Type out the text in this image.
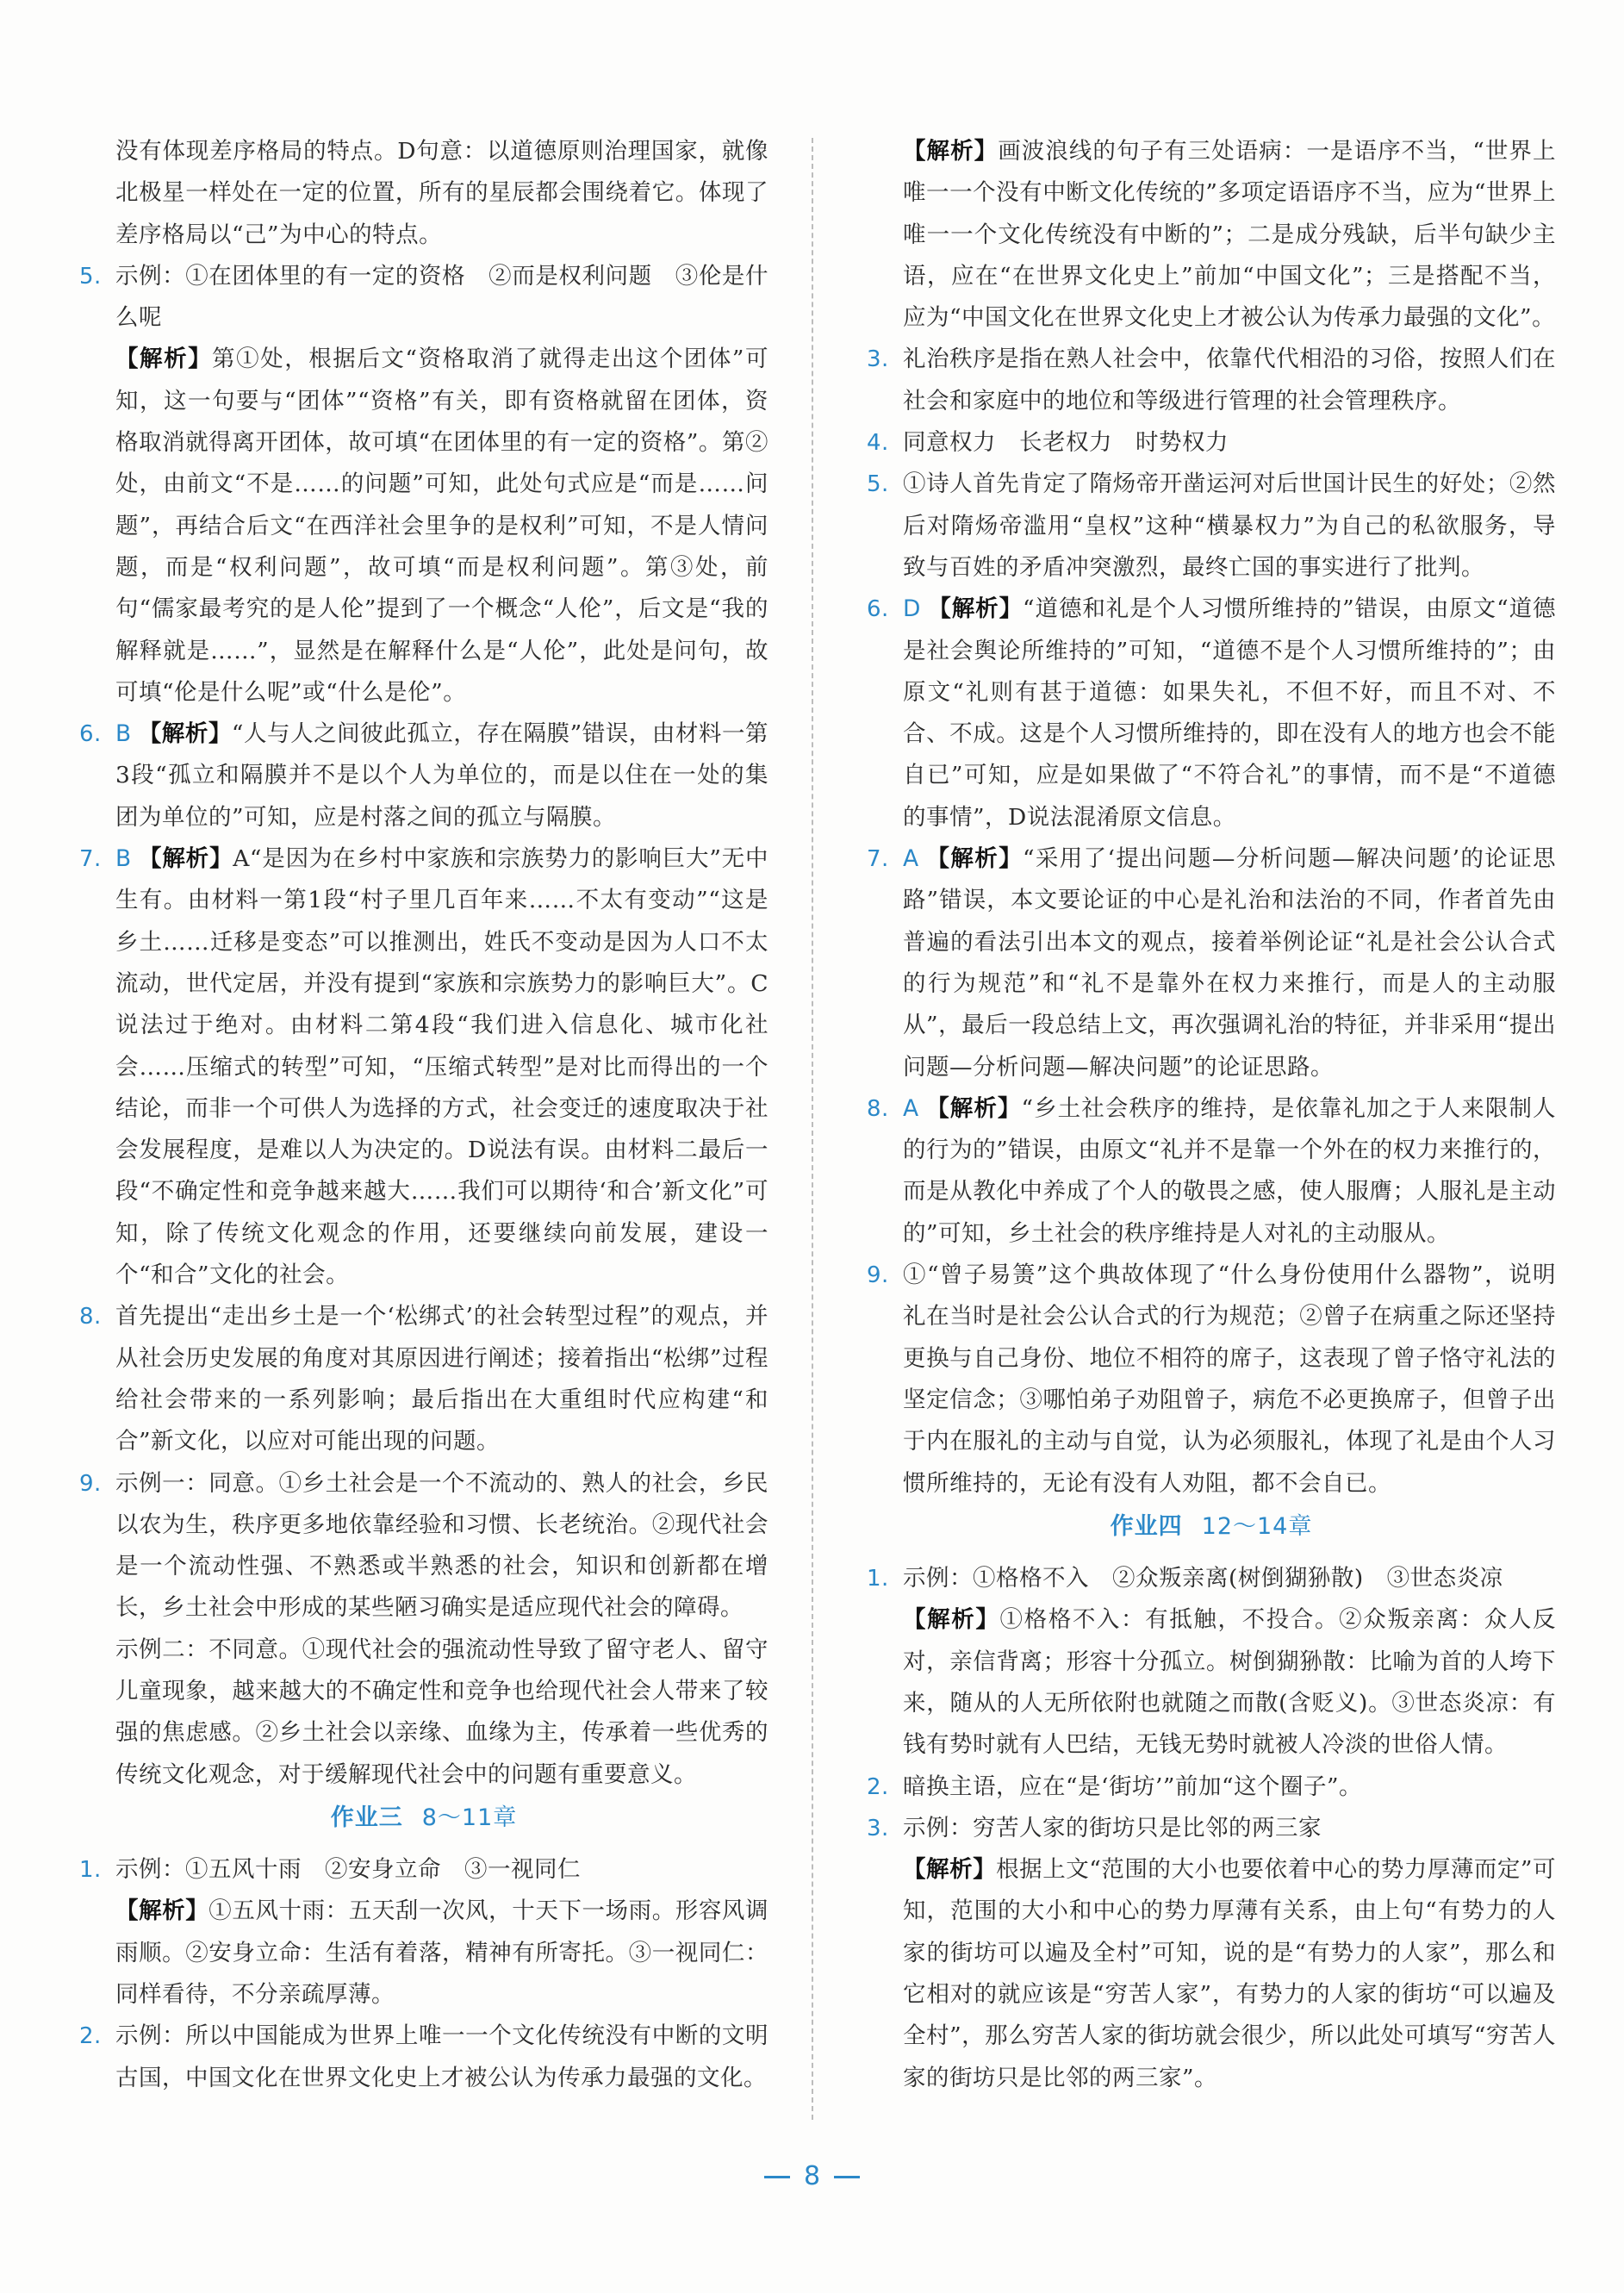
没有体现差序格局的特点。D句意：以道德原则治理国家，就像北极星一样处在一定的位置，所有的星辰都会围绕着它。体现了差序格局以“己”为中心的特点。

5. 示例：①在团体里的有一定的资格　②而是权利问题　③伦是什么呢
【解析】第①处，根据后文“资格取消了就得走出这个团体”可知，这一句要与“团体”“资格”有关，即有资格就留在团体，资格取消就得离开团体，故可填“在团体里的有一定的资格”。第②处，由前文“不是……的问题”可知，此处句式应是“而是……问题”，再结合后文“在西洋社会里争的是权利”可知，不是人情问题，而是“权利问题”，故可填“而是权利问题”。第③处，前句“儒家最考究的是人伦”提到了一个概念“人伦”，后文是“我的解释就是……”，显然是在解释什么是“人伦”，此处是问句，故可填“伦是什么呢”或“什么是伦”。
6. B 【解析】“人与人之间彼此孤立，存在隔膜”错误，由材料一第3段“孤立和隔膜并不是以个人为单位的，而是以住在一处的集团为单位的”可知，应是村落之间的孤立与隔膜。
7. B 【解析】A“是因为在乡村中家族和宗族势力的影响巨大”无中生有。由材料一第1段“村子里几百年来……不太有变动”“这是乡土……迁移是变态”可以推测出，姓氏不变动是因为人口不太流动，世代定居，并没有提到“家族和宗族势力的影响巨大”。C说法过于绝对。由材料二第4段“我们进入信息化、城市化社会……压缩式的转型”可知，“压缩式转型”是对比而得出的一个结论，而非一个可供人为选择的方式，社会变迁的速度取决于社会发展程度，是难以人为决定的。D说法有误。由材料二最后一段“不确定性和竞争越来越大……我们可以期待‘和合’新文化”可知，除了传统文化观念的作用，还要继续向前发展，建设一个“和合”文化的社会。
8. 首先提出“走出乡土是一个‘松绑式’的社会转型过程”的观点，并从社会历史发展的角度对其原因进行阐述；接着指出“松绑”过程给社会带来的一系列影响；最后指出在大重组时代应构建“和合”新文化，以应对可能出现的问题。
9. 示例一：同意。①乡土社会是一个不流动的、熟人的社会，乡民以农为生，秩序更多地依靠经验和习惯、长老统治。②现代社会是一个流动性强、不熟悉或半熟悉的社会，知识和创新都在增长，乡土社会中形成的某些陋习确实是适应现代社会的障碍。

示例二：不同意。①现代社会的强流动性导致了留守老人、留守儿童现象，越来越大的不确定性和竞争也给现代社会人带来了较强的焦虑感。②乡土社会以亲缘、血缘为主，传承着一些优秀的传统文化观念，对于缓解现代社会中的问题有重要意义。

作业三 8～11章
1. 示例：①五风十雨　②安身立命　③一视同仁
【解析】①五风十雨：五天刮一次风，十天下一场雨。形容风调雨顺。②安身立命：生活有着落，精神有所寄托。③一视同仁：同样看待，不分亲疏厚薄。
2. 示例：所以中国能成为世界上唯一一个文化传统没有中断的文明古国，中国文化在世界文化史上才被公认为传承力最强的文化。
【解析】画波浪线的句子有三处语病：一是语序不当，“世界上唯一一个没有中断文化传统的”多项定语语序不当，应为“世界上唯一一个文化传统没有中断的”；二是成分残缺，后半句缺少主语，应在“在世界文化史上”前加“中国文化”；三是搭配不当，应为“中国文化在世界文化史上才被公认为传承力最强的文化”。
3. 礼治秩序是指在熟人社会中，依靠代代相沿的习俗，按照人们在社会和家庭中的地位和等级进行管理的社会管理秩序。
4. 同意权力　长老权力　时势权力
5. ①诗人首先肯定了隋炀帝开凿运河对后世国计民生的好处；②然后对隋炀帝滥用“皇权”这种“横暴权力”为自己的私欲服务，导致与百姓的矛盾冲突激烈，最终亡国的事实进行了批判。
6. D 【解析】“道德和礼是个人习惯所维持的”错误，由原文“道德是社会舆论所维持的”可知，“道德不是个人习惯所维持的”；由原文“礼则有甚于道德：如果失礼，不但不好，而且不对、不合、不成。这是个人习惯所维持的，即在没有人的地方也会不能自已”可知，应是如果做了“不符合礼”的事情，而不是“不道德的事情”，D说法混淆原文信息。
7. A 【解析】“采用了‘提出问题—分析问题—解决问题’的论证思路”错误，本文要论证的中心是礼治和法治的不同，作者首先由普遍的看法引出本文的观点，接着举例论证“礼是社会公认合式的行为规范”和“礼不是靠外在权力来推行，而是人的主动服从”，最后一段总结上文，再次强调礼治的特征，并非采用“提出问题—分析问题—解决问题”的论证思路。
8. A 【解析】“乡土社会秩序的维持，是依靠礼加之于人来限制人的行为的”错误，由原文“礼并不是靠一个外在的权力来推行的，而是从教化中养成了个人的敬畏之感，使人服膺；人服礼是主动的”可知，乡土社会的秩序维持是人对礼的主动服从。
9. ①“曾子易箦”这个典故体现了“什么身份使用什么器物”，说明礼在当时是社会公认合式的行为规范；②曾子在病重之际还坚持更换与自己身份、地位不相符的席子，这表现了曾子恪守礼法的坚定信念；③哪怕弟子劝阻曾子，病危不必更换席子，但曾子出于内在服礼的主动与自觉，认为必须服礼，体现了礼是由个人习惯所维持的，无论有没有人劝阻，都不会自已。
作业四 12～14章
1. 示例：①格格不入　②众叛亲离(树倒猢狲散)　③世态炎凉
【解析】①格格不入：有抵触，不投合。②众叛亲离：众人反对，亲信背离；形容十分孤立。树倒猢狲散：比喻为首的人垮下来，随从的人无所依附也就随之而散(含贬义)。③世态炎凉：有钱有势时就有人巴结，无钱无势时就被人冷淡的世俗人情。
2. 暗换主语，应在“是‘街坊’”前加“这个圈子”。
3. 示例：穷苦人家的街坊只是比邻的两三家
【解析】根据上文“范围的大小也要依着中心的势力厚薄而定”可知，范围的大小和中心的势力厚薄有关系，由上句“有势力的人家的街坊可以遍及全村”可知，说的是“有势力的人家”，那么和它相对的就应该是“穷苦人家”，有势力的人家的街坊“可以遍及全村”，那么穷苦人家的街坊就会很少，所以此处可填写“穷苦人家的街坊只是比邻的两三家”。
8
